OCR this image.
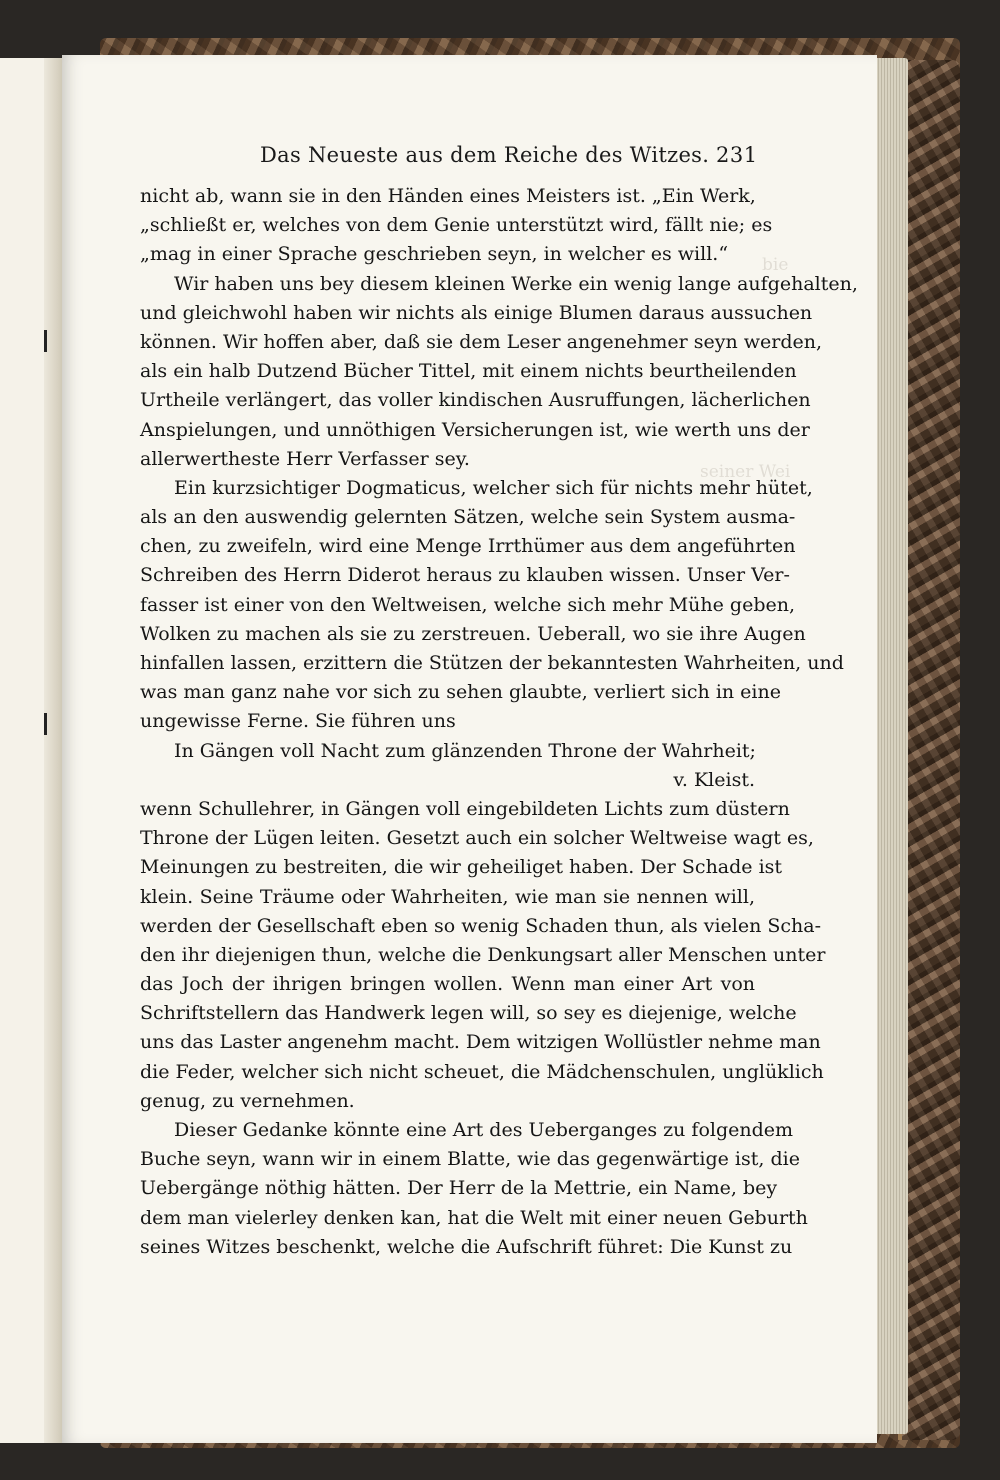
bie
seiner Wei
Das Neueste aus dem Reiche des Witzes. 231
nicht ab, wann sie in den Händen eines Meisters ist. „Ein Werk,
„schließt er, welches von dem Genie unterstützt wird, fällt nie; es
„mag in einer Sprache geschrieben seyn, in welcher es will.“
Wir haben uns bey diesem kleinen Werke ein wenig lange aufgehalten,
und gleichwohl haben wir nichts als einige Blumen daraus aussuchen
können. Wir hoffen aber, daß sie dem Leser angenehmer seyn werden,
als ein halb Dutzend Bücher Tittel, mit einem nichts beurtheilenden
Urtheile verlängert, das voller kindischen Ausruffungen, lächerlichen
Anspielungen, und unnöthigen Versicherungen ist, wie werth uns der
allerwertheste Herr Verfasser sey.
Ein kurzsichtiger Dogmaticus, welcher sich für nichts mehr hütet,
als an den auswendig gelernten Sätzen, welche sein System ausma-
chen, zu zweifeln, wird eine Menge Irrthümer aus dem angeführten
Schreiben des Herrn Diderot heraus zu klauben wissen. Unser Ver-
fasser ist einer von den Weltweisen, welche sich mehr Mühe geben,
Wolken zu machen als sie zu zerstreuen. Ueberall, wo sie ihre Augen
hinfallen lassen, erzittern die Stützen der bekanntesten Wahrheiten, und
was man ganz nahe vor sich zu sehen glaubte, verliert sich in eine
ungewisse Ferne. Sie führen uns
In Gängen voll Nacht zum glänzenden Throne der Wahrheit;
v. Kleist.
wenn Schullehrer, in Gängen voll eingebildeten Lichts zum düstern
Throne der Lügen leiten. Gesetzt auch ein solcher Weltweise wagt es,
Meinungen zu bestreiten, die wir geheiliget haben. Der Schade ist
klein. Seine Träume oder Wahrheiten, wie man sie nennen will,
werden der Gesellschaft eben so wenig Schaden thun, als vielen Scha-
den ihr diejenigen thun, welche die Denkungsart aller Menschen unter
das Joch der ihrigen bringen wollen. Wenn man einer Art von
Schriftstellern das Handwerk legen will, so sey es diejenige, welche
uns das Laster angenehm macht. Dem witzigen Wollüstler nehme man
die Feder, welcher sich nicht scheuet, die Mädchenschulen, unglüklich
genug, zu vernehmen.
Dieser Gedanke könnte eine Art des Ueberganges zu folgendem
Buche seyn, wann wir in einem Blatte, wie das gegenwärtige ist, die
Uebergänge nöthig hätten. Der Herr de la Mettrie, ein Name, bey
dem man vielerley denken kan, hat die Welt mit einer neuen Geburth
seines Witzes beschenkt, welche die Aufschrift führet: Die Kunst zu
